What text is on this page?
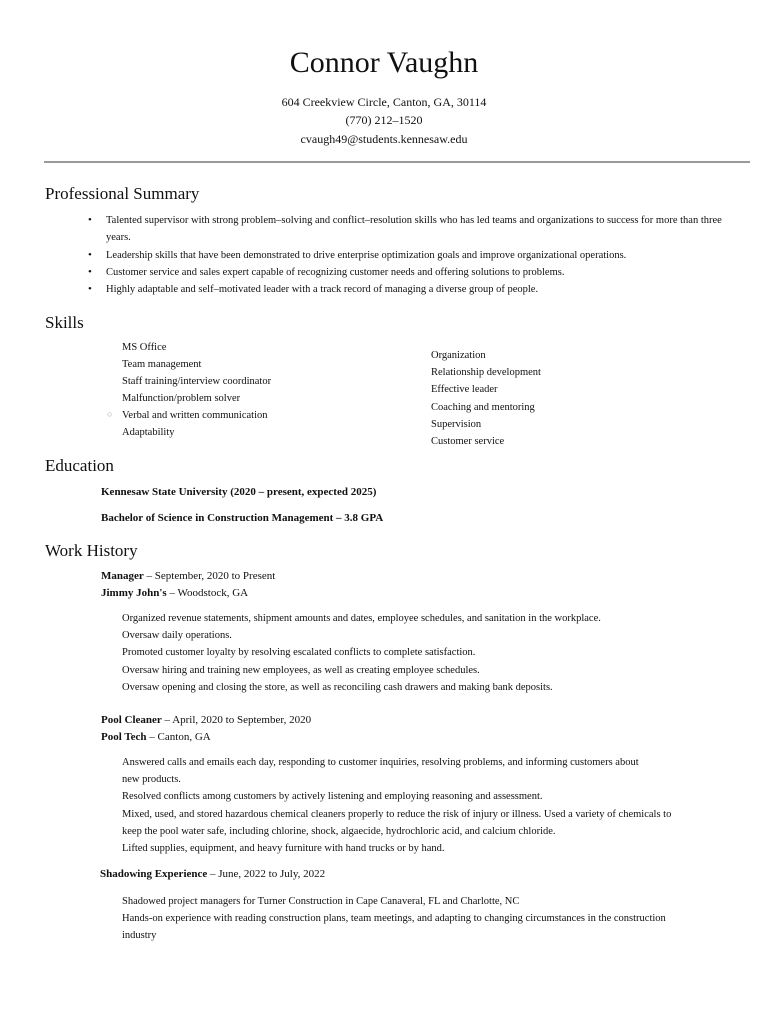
Connor Vaughn
604 Creekview Circle, Canton, GA, 30114
(770) 212–1520
cvaugh49@students.kennesaw.edu
Professional Summary
• Talented supervisor with strong problem–solving and conflict–resolution skills who has led teams and organizations to success for more than three years.
• Leadership skills that have been demonstrated to drive enterprise optimization goals and improve organizational operations.
• Customer service and sales expert capable of recognizing customer needs and offering solutions to problems.
• Highly adaptable and self–motivated leader with a track record of managing a diverse group of people.
Skills
○
MS Office
Team management
Staff training/interview coordinator
Malfunction/problem solver
Verbal and written communication
Adaptability
Organization
Relationship development
Effective leader
Coaching and mentoring
Supervision
Customer service
Education
Kennesaw State University (2020 – present, expected 2025)
Bachelor of Science in Construction Management – 3.8 GPA
Work History
Manager – September, 2020 to Present
Jimmy John's – Woodstock, GA
Organized revenue statements, shipment amounts and dates, employee schedules, and sanitation in the workplace.
Oversaw daily operations.
Promoted customer loyalty by resolving escalated conflicts to complete satisfaction.
Oversaw hiring and training new employees, as well as creating employee schedules.
Oversaw opening and closing the store, as well as reconciling cash drawers and making bank deposits.
Pool Cleaner – April, 2020 to September, 2020
Pool Tech – Canton, GA
Answered calls and emails each day, responding to customer inquiries, resolving problems, and informing customers about
new products.
Resolved conflicts among customers by actively listening and employing reasoning and assessment.
Mixed, used, and stored hazardous chemical cleaners properly to reduce the risk of injury or illness. Used a variety of chemicals to
keep the pool water safe, including chlorine, shock, algaecide, hydrochloric acid, and calcium chloride.
Lifted supplies, equipment, and heavy furniture with hand trucks or by hand.
Shadowing Experience – June, 2022 to July, 2022
Shadowed project managers for Turner Construction in Cape Canaveral, FL and Charlotte, NC
Hands-on experience with reading construction plans, team meetings, and adapting to changing circumstances in the construction
industry
